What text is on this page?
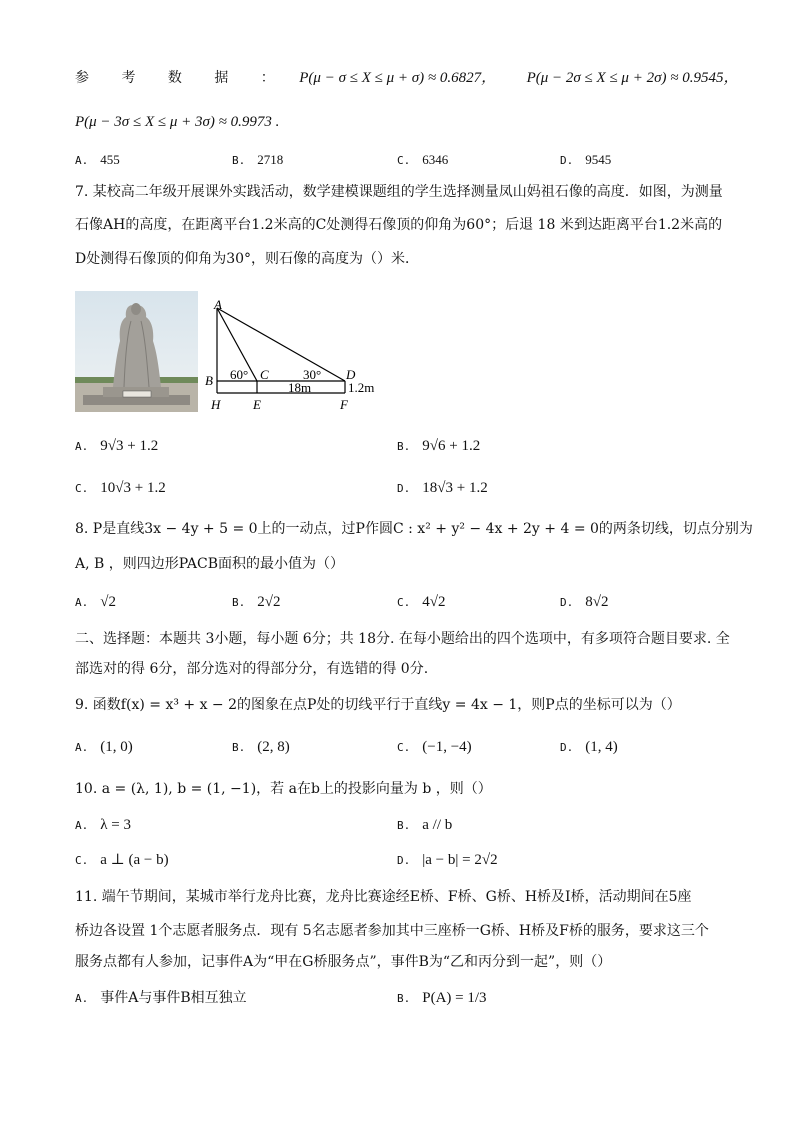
参 考 数 据 ： P(μ − σ ≤ X ≤ μ + σ) ≈ 0.6827， P(μ − 2σ ≤ X ≤ μ + 2σ) ≈ 0.9545，
P(μ − 3σ ≤ X ≤ μ + 3σ) ≈ 0.9973 .
A. 455	B. 2718	C. 6346	D. 9545
7. 某校高二年级开展课外实践活动，数学建模课题组的学生选择测量凤山妈祖石像的高度．如图，为测量
石像AH的高度，在距离平台1.2米高的C处测得石像顶的仰角为60°；后退 18 米到达距离平台1.2米高的
D处测得石像顶的仰角为30°，则石像的高度为（）米．
A
B	C	D
H	E	F
60°	30°
18m	1.2m
A. 9√3 + 1.2	B. 9√6 + 1.2
C. 10√3 + 1.2	D. 18√3 + 1.2
8. P是直线3x − 4y + 5 = 0上的一动点，过P作圆C : x² + y² − 4x + 2y + 4 = 0的两条切线，切点分别为
A, B ，则四边形PACB面积的最小值为（）
A. √2	B. 2√2	C. 4√2	D. 8√2
二、选择题：本题共 3小题，每小题 6分；共 18分. 在每小题给出的四个选项中，有多项符合题目要求. 全
部选对的得 6分，部分选对的得部分分，有选错的得 0分.
9. 函数f(x) = x³ + x − 2的图象在点P处的切线平行于直线y = 4x − 1，则P点的坐标可以为（）
A. (1, 0)	B. (2, 8)	C. (−1, −4)	D. (1, 4)
10. a = (λ, 1), b = (1, −1)，若 a在b上的投影向量为 b ，则（）
A. λ = 3	B. a // b
C. a ⊥ (a − b)	D. |a − b| = 2√2
11. 端午节期间，某城市举行龙舟比赛，龙舟比赛途经E桥、F桥、G桥、H桥及I桥，活动期间在5座
桥边各设置 1个志愿者服务点．现有 5名志愿者参加其中三座桥一G桥、H桥及F桥的服务，要求这三个
服务点都有人参加，记事件A为“甲在G桥服务点”，事件B为“乙和丙分到一起”，则（）
A. 事件A与事件B相互独立	B. P(A) = 1/3
